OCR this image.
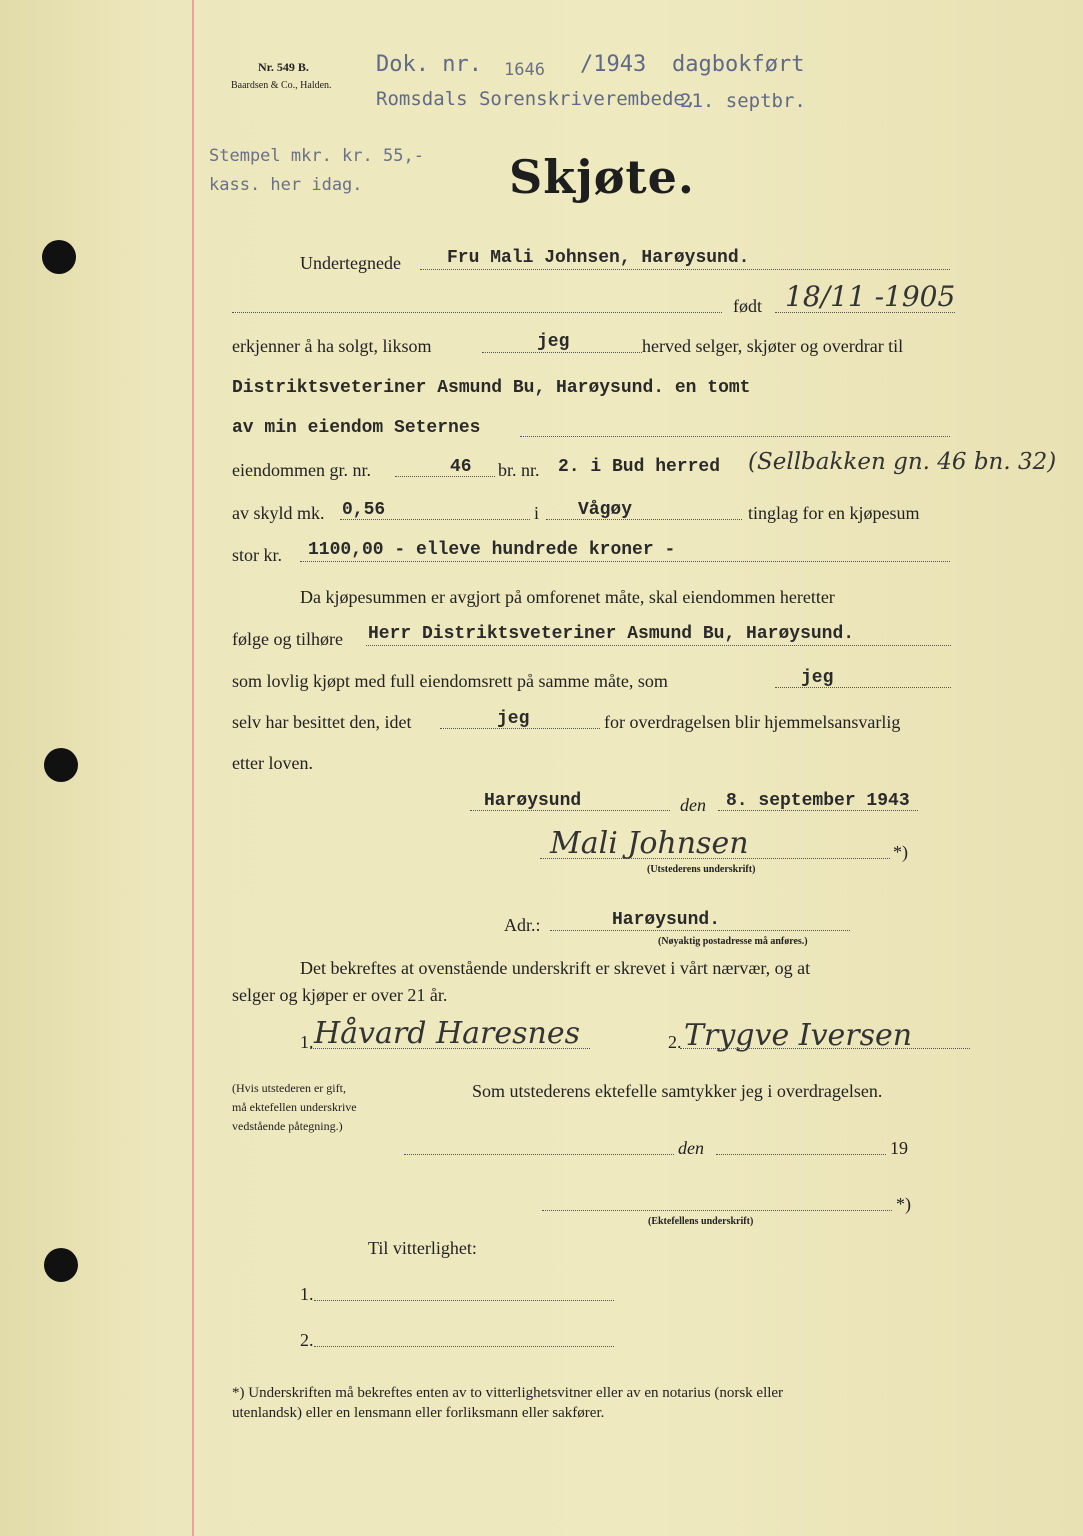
Nr. 549 B.
Baardsen & Co., Halden.
Dok. nr. 1646 /1943 dagbokført
Romsdals Sorenskriverembede,
21. septbr.
Stempel mkr. kr. 55,-
kass. her idag.	Skjøte.
Undertegnede	Fru Mali Johnsen, Harøysund.
født 18/11 -1905
erkjenner å ha solgt, liksom	jeg	herved selger, skjøter og overdrar til
Distriktsveteriner Asmund Bu, Harøysund. en tomt
av min eiendom Seternes
eiendommen gr. nr.	46 br. nr. 2. i Bud herred (Sellbakken gn. 46 bn. 32)
av skyld mk. 0,56	i Vågøy	tinglag for en kjøpesum
stor kr. 1100,00 - elleve hundrede kroner -
Da kjøpesummen er avgjort på omforenet måte, skal eiendommen heretter
følge og tilhøre Herr Distriktsveteriner Asmund Bu, Harøysund.
som lovlig kjøpt med full eiendomsrett på samme måte, som	jeg
selv har besittet den, idet	jeg	for overdragelsen blir hjemmelsansvarlig
etter loven.
Harøysund	den 8. september 1943
Mali Johnsen	*)
(Utstederens underskrift)
Adr.:	Harøysund.
(Nøyaktig postadresse må anføres.)
Det bekreftes at ovenstående underskrift er skrevet i vårt nærvær, og at
selger og kjøper er over 21 år.
1. Håvard Haresnes	2. Trygve Iversen
(Hvis utstederen er gift,
må ektefellen underskrive
vedstående påtegning.)
Som utstederens ektefelle samtykker jeg i overdragelsen.
den	19
*)
(Ektefellens underskrift)
Til vitterlighet:
1.
2.
*) Underskriften må bekreftes enten av to vitterlighetsvitner eller av en notarius (norsk eller
utenlandsk) eller en lensmann eller forliksmann eller sakfører.
